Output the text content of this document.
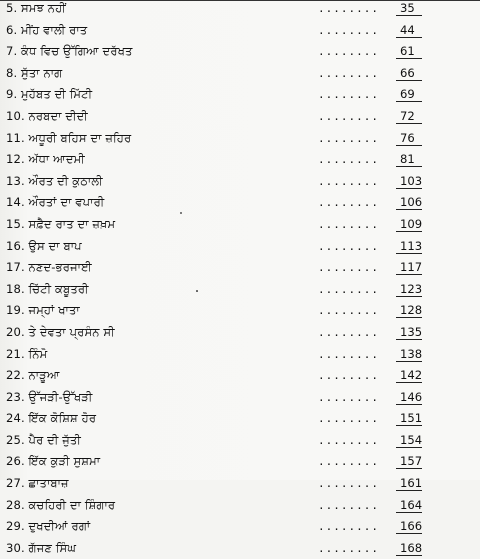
5. ਸਮਝ ਨਹੀਂ	........ 35
6. ਮੀਂਹ ਵਾਲੀ ਰਾਤ	........ 44
7. ਕੰਧ ਵਿਚ ਉੱਗਿਆ ਦਰੱਖਤ	........ 61
8. ਸੁੱਤਾ ਨਾਗ	........ 66
9. ਮੁਹੱਬਤ ਦੀ ਮਿੱਟੀ	........ 69
10. ਨਰਬਦਾ ਦੀਦੀ	........ 72
11. ਅਧੂਰੀ ਬਹਿਸ ਦਾ ਜ਼ਹਿਰ	........ 76
12. ਅੱਧਾ ਆਦਮੀ	........ 81
13. ਔਰਤ ਦੀ ਕੁਠਾਲੀ	........ 103
14. ਔਰਤਾਂ ਦਾ ਵਪਾਰੀ	........ 106
15. ਸਫ਼ੈਦ ਰਾਤ ਦਾ ਜ਼ਖ਼ਮ	........ 109
16. ਉਸ ਦਾ ਬਾਪ	........ 113
17. ਨਣਦ-ਭਰਜਾਈ	........ 117
18. ਚਿੱਟੀ ਕਬੂਤਰੀ	........ 123
19. ਜਮ੍ਹਾਂ ਖਾਤਾ	........ 128
20. ਤੇ ਦੇਵਤਾ ਪ੍ਰਸੰਨ ਸੀ	........ 135
21. ਨਿੰਮੋ	........ 138
22. ਨਾੜੂਆ	........ 142
23. ਉੱਜੜੀ-ਉੱਖੜੀ	........ 146
24. ਇੱਕ ਕੋਸ਼ਿਸ਼ ਹੋਰ	........ 151
25. ਪੈਰ ਦੀ ਜੁੱਤੀ	........ 154
26. ਇੱਕ ਕੁੜੀ ਸੁਸ਼ਮਾ	........ 157
27. ਛਾਤਾਬਾਜ਼	........ 161
28. ਕਚਹਿਰੀ ਦਾ ਸ਼ਿੰਗਾਰ	........ 164
29. ਦੁਖਦੀਆਂ ਰਗਾਂ	........ 166
30. ਗੱਜਣ ਸਿੰਘ	........ 168
